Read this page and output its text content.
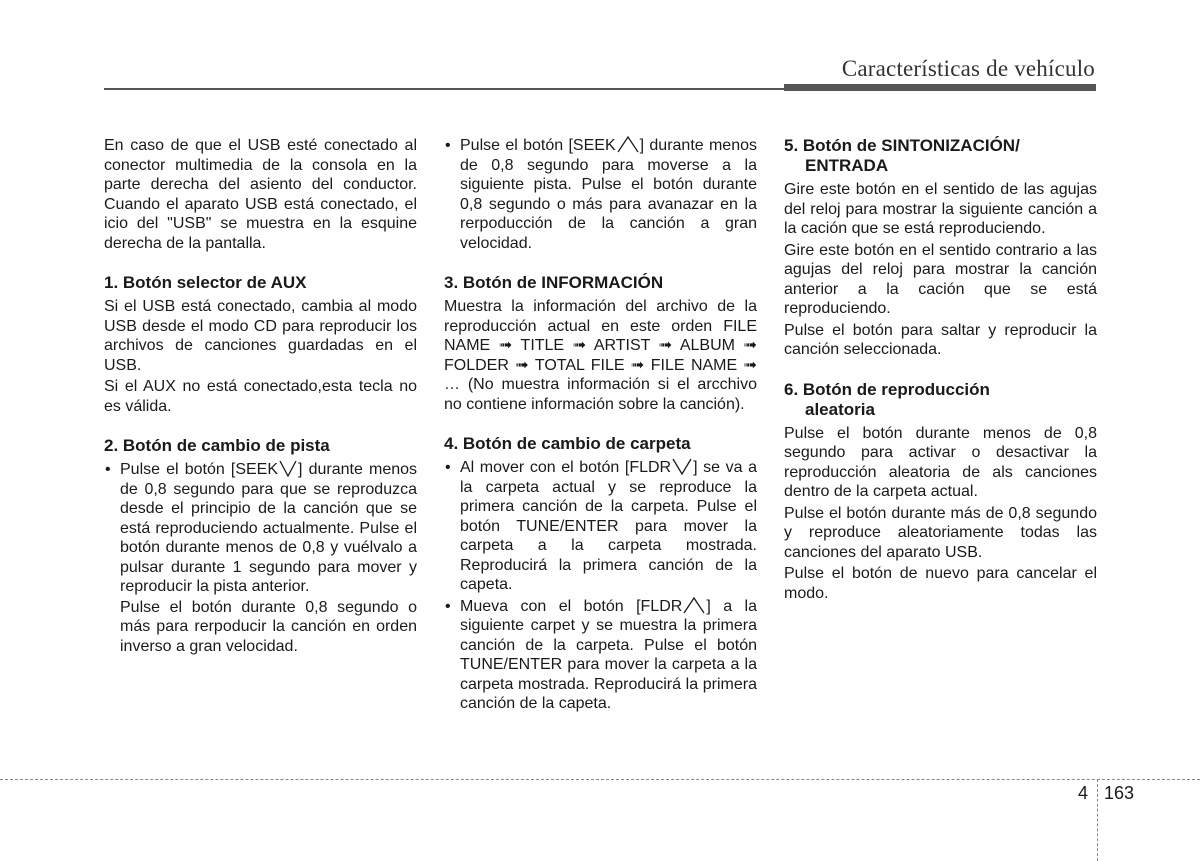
Características de vehículo

En caso de que el USB esté conectado al conector multimedia de la consola en la parte derecha del asiento del conductor. Cuando el aparato USB está conectado, el icio del "USB" se muestra en la esquine derecha de la pantalla.

1. Botón selector de AUX

Si el USB está conectado, cambia al modo USB desde el modo CD para reproducir los archivos de canciones guardadas en el USB.

Si el AUX no está conectado,esta tecla no es válida.

2. Botón de cambio de pista
• Pulse el botón [SEEK ] durante menos de 0,8 segundo para que se reproduzca desde el principio de la canción que se está reproduciendo actualmente. Pulse el botón durante menos de 0,8 y vuélvalo a pulsar durante 1 segundo para mover y reproducir la pista anterior.
Pulse el botón durante 0,8 segundo o más para rerpoducir la canción en orden inverso a gran velocidad.
• Pulse el botón [SEEK ] durante menos de 0,8 segundo para moverse a la siguiente pista. Pulse el botón durante 0,8 segundo o más para avanazar en la rerpoducción de la canción a gran velocidad.
3. Botón de INFORMACIÓN

Muestra la información del archivo de la reproducción actual en este orden FILE NAME ➟ TITLE ➟ ARTIST ➟ ALBUM ➟ FOLDER ➟ TOTAL FILE ➟ FILE NAME ➟ … (No muestra información si el arcchivo no contiene información sobre la canción).

4. Botón de cambio de carpeta
• Al mover con el botón [FLDR ] se va a la carpeta actual y se reproduce la primera canción de la carpeta. Pulse el botón TUNE/ENTER para mover la carpeta a la carpeta mostrada. Reproducirá la primera canción de la capeta.
• Mueva con el botón [FLDR ] a la siguiente carpet y se muestra la primera canción de la carpeta. Pulse el botón TUNE/ENTER para mover la carpeta a la carpeta mostrada. Reproducirá la primera canción de la capeta.
5. Botón de SINTONIZACIÓN/
ENTRADA

Gire este botón en el sentido de las agujas del reloj para mostrar la siguiente canción a la cación que se está reproduciendo.

Gire este botón en el sentido contrario a las agujas del reloj para mostrar la canción anterior a la cación que se está reproduciendo.

Pulse el botón para saltar y reproducir la canción seleccionada.

6. Botón de reproducción
aleatoria

Pulse el botón durante menos de 0,8 segundo para activar o desactivar la reproducción aleatoria de als canciones dentro de la carpeta actual.

Pulse el botón durante más de 0,8 segundo y reproduce aleatoriamente todas las canciones del aparato USB.

Pulse el botón de nuevo para cancelar el modo.

4 163
